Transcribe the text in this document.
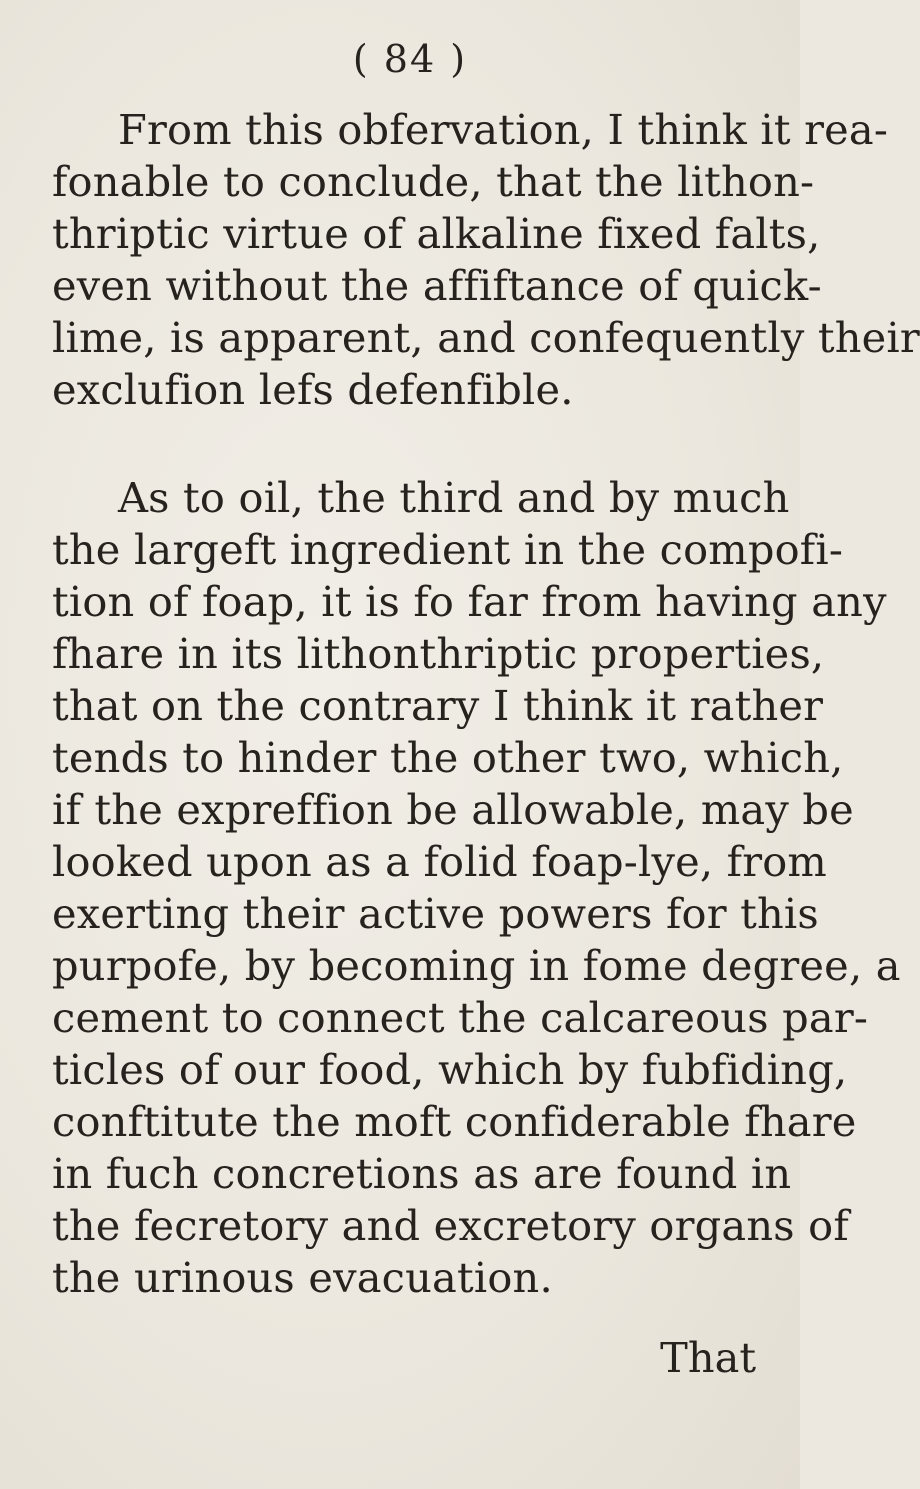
( 84 )
From this obfervation, I think it rea-
fonable to conclude, that the lithon-
thriptic virtue of alkaline fixed falts,
even without the affiftance of quick-
lime, is apparent, and confequently their
exclufion lefs defenfible.
As to oil, the third and by much
the largeft ingredient in the compofi-
tion of foap, it is fo far from having any
fhare in its lithonthriptic properties,
that on the contrary I think it rather
tends to hinder the other two, which,
if the expreffion be allowable, may be
looked upon as a folid foap-lye, from
exerting their active powers for this
purpofe, by becoming in fome degree, a
cement to connect the calcareous par-
ticles of our food, which by fubfiding,
conftitute the moft confiderable fhare
in fuch concretions as are found in
the fecretory and excretory organs of
the urinous evacuation.
That
